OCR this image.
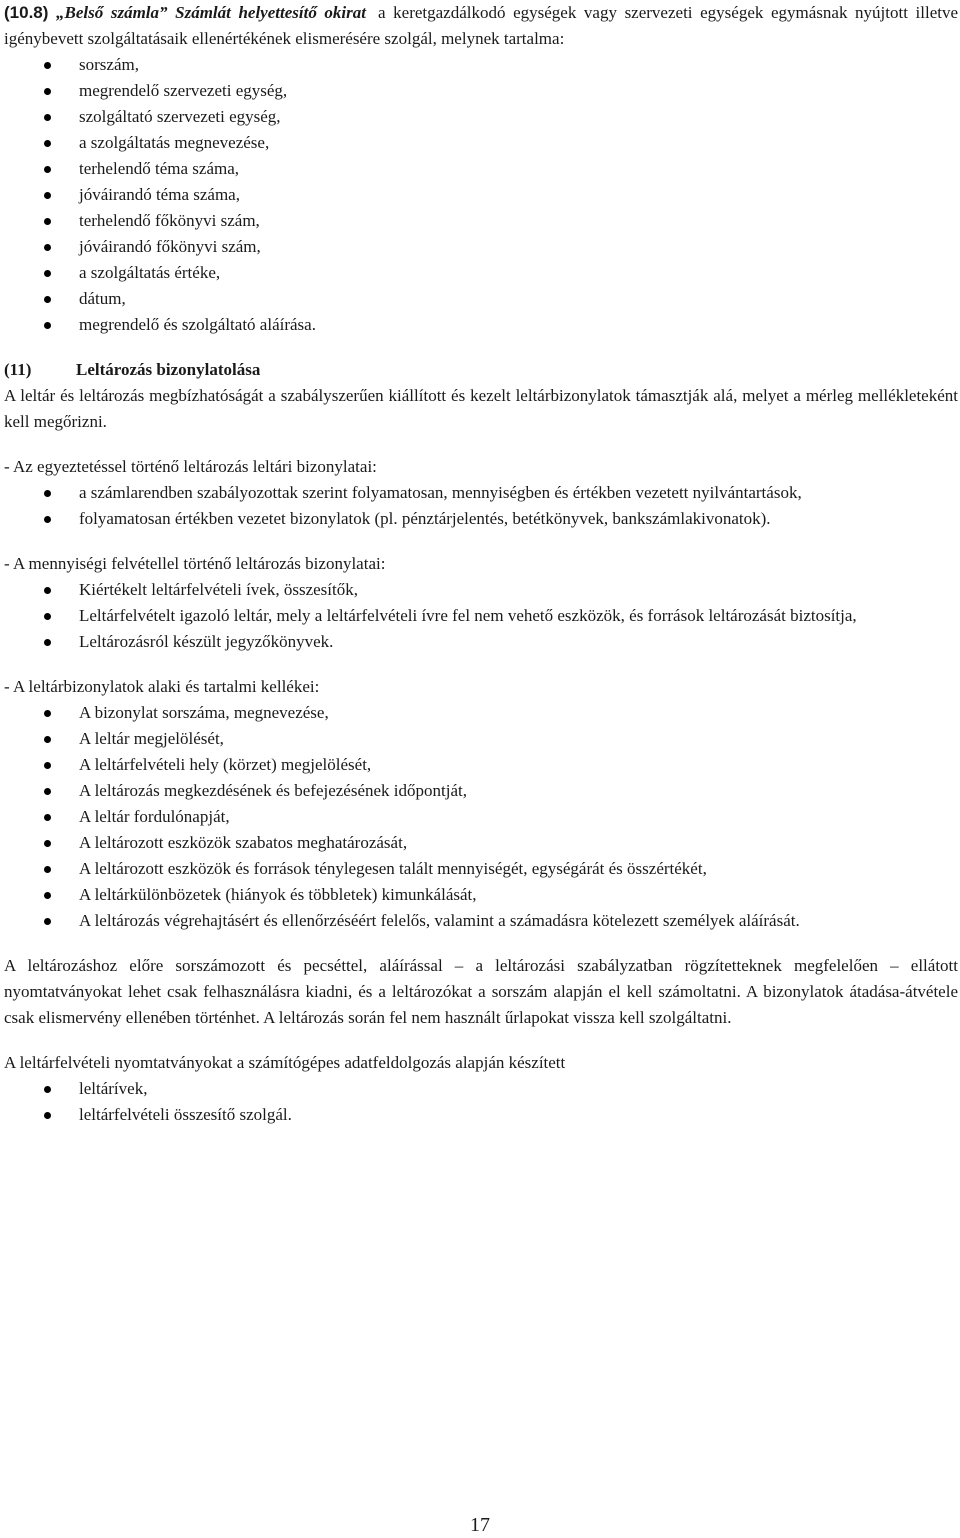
(10.8) „Belső számla” Számlát helyettesítő okirat a keretgazdálkodó egységek vagy szervezeti egységek egymásnak nyújtott illetve igénybevett szolgáltatásaik ellenértékének elismerésére szolgál, melynek tartalma:

sorszám,
megrendelő szervezeti egység,
szolgáltató szervezeti egység,
a szolgáltatás megnevezése,
terhelendő téma száma,
jóváirandó téma száma,
terhelendő főkönyvi szám,
jóváirandó főkönyvi szám,
a szolgáltatás értéke,
dátum,
megrendelő és szolgáltató aláírása.

(11)	Leltározás bizonylatolása

A leltár és leltározás megbízhatóságát a szabályszerűen kiállított és kezelt leltárbizonylatok támasztják alá, melyet a mérleg mellékleteként kell megőrizni.

- Az egyeztetéssel történő leltározás leltári bizonylatai:

a számlarendben szabályozottak szerint folyamatosan, mennyiségben és értékben vezetett nyilvántartások,
folyamatosan értékben vezetet bizonylatok (pl. pénztárjelentés, betétkönyvek, bankszámlakivonatok).

- A mennyiségi felvétellel történő leltározás bizonylatai:

Kiértékelt leltárfelvételi ívek, összesítők,
Leltárfelvételt igazoló leltár, mely a leltárfelvételi ívre fel nem vehető eszközök, és források leltározását biztosítja,
Leltározásról készült jegyzőkönyvek.

- A leltárbizonylatok alaki és tartalmi kellékei:

A bizonylat sorszáma, megnevezése,
A leltár megjelölését,
A leltárfelvételi hely (körzet) megjelölését,
A leltározás megkezdésének és befejezésének időpontját,
A leltár fordulónapját,
A leltározott eszközök szabatos meghatározását,
A leltározott eszközök és források ténylegesen talált mennyiségét, egységárát és összértékét,
A leltárkülönbözetek (hiányok és többletek) kimunkálását,
A leltározás végrehajtásért és ellenőrzéséért felelős, valamint a számadásra kötelezett személyek aláírását.

A leltározáshoz előre sorszámozott és pecséttel, aláírással – a leltározási szabályzatban rögzítetteknek megfelelően – ellátott nyomtatványokat lehet csak felhasználásra kiadni, és a leltározókat a sorszám alapján el kell számoltatni. A bizonylatok átadása-átvétele csak elismervény ellenében történhet. A leltározás során fel nem használt űrlapokat vissza kell szolgáltatni.

A leltárfelvételi nyomtatványokat a számítógépes adatfeldolgozás alapján készített

leltárívek,
leltárfelvételi összesítő szolgál.
17
